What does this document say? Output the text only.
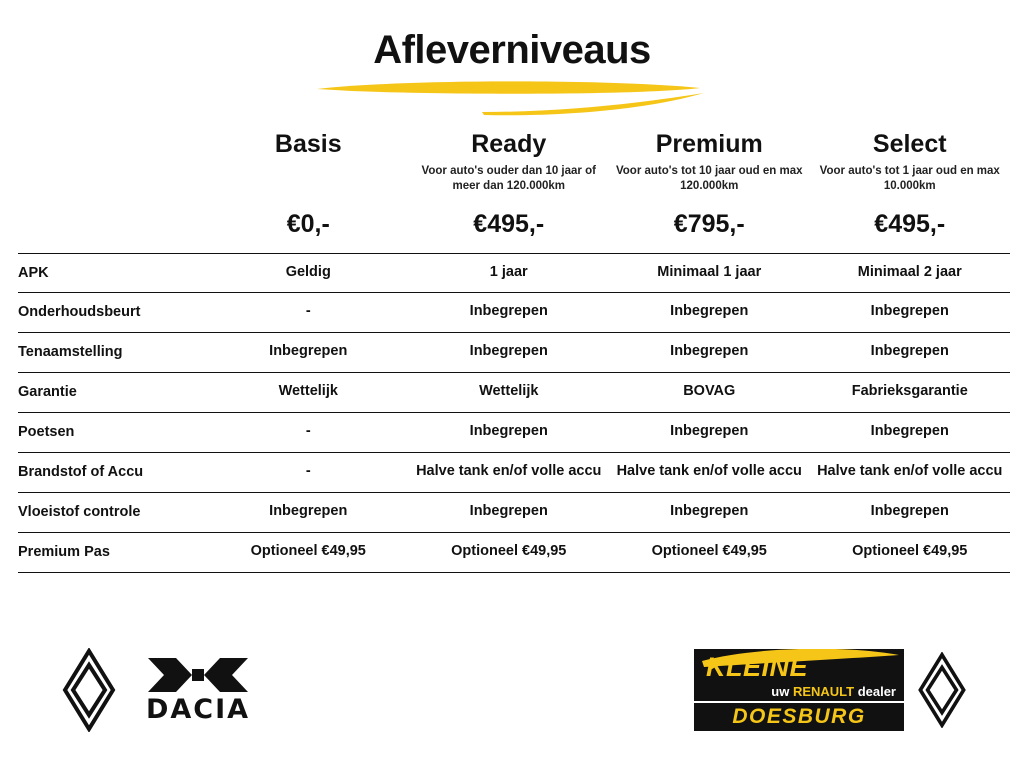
Afleverniveaus
Basis
€0,-
Ready
Voor auto's ouder dan 10 jaar of meer dan 120.000km
€495,-
Premium
Voor auto's tot 10 jaar oud en max 120.000km
€795,-
Select
Voor auto's tot 1 jaar oud en max 10.000km
€495,-
APK	Geldig	1 jaar	Minimaal 1 jaar	Minimaal 2 jaar
Onderhoudsbeurt	-	Inbegrepen	Inbegrepen	Inbegrepen
Tenaamstelling	Inbegrepen	Inbegrepen	Inbegrepen	Inbegrepen
Garantie	Wettelijk	Wettelijk	BOVAG	Fabrieksgarantie
Poetsen	-	Inbegrepen	Inbegrepen	Inbegrepen
Brandstof of Accu	-	Halve tank en/of volle accu	Halve tank en/of volle accu	Halve tank en/of volle accu
Vloeistof controle	Inbegrepen	Inbegrepen	Inbegrepen	Inbegrepen
Premium Pas	Optioneel €49,95	Optioneel €49,95	Optioneel €49,95	Optioneel €49,95
DACIA
KLEINE
uw RENAULT dealer
DOESBURG
